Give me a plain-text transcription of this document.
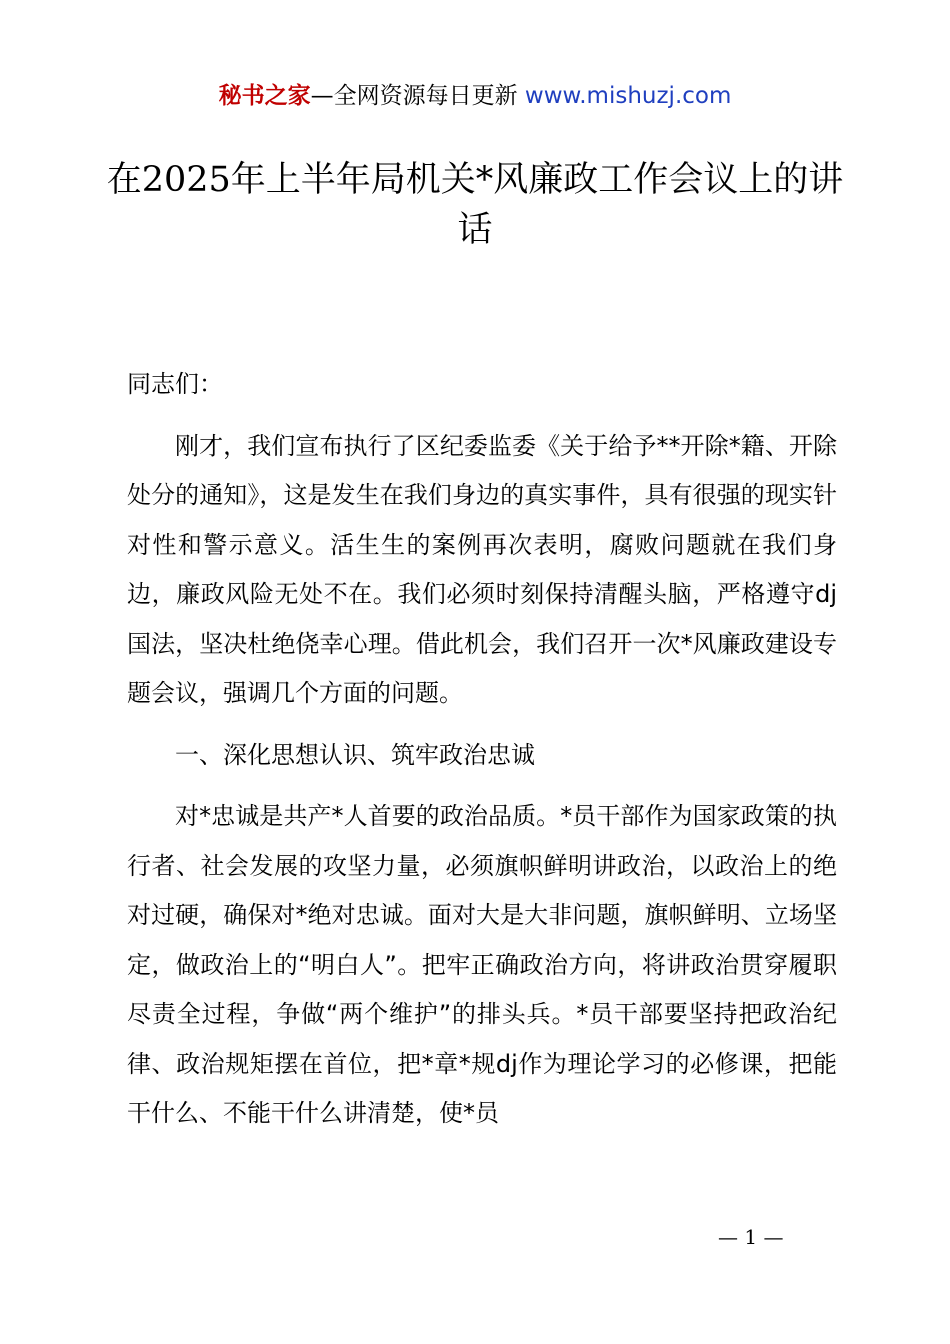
秘书之家—全网资源每日更新 www.mishuzj.com
在2025年上半年局机关*风廉政工作会议上的讲话

同志们：

刚才，我们宣布执行了区纪委监委《关于给予**开除*籍、开除处分的通知》，这是发生在我们身边的真实事件，具有很强的现实针对性和警示意义。活生生的案例再次表明，腐败问题就在我们身边，廉政风险无处不在。我们必须时刻保持清醒头脑，严格遵守dj国法，坚决杜绝侥幸心理。借此机会，我们召开一次*风廉政建设专题会议，强调几个方面的问题。

一、深化思想认识、筑牢政治忠诚

对*忠诚是共产*人首要的政治品质。*员干部作为国家政策的执行者、社会发展的攻坚力量，必须旗帜鲜明讲政治，以政治上的绝对过硬，确保对*绝对忠诚。面对大是大非问题，旗帜鲜明、立场坚定，做政治上的“明白人”。把牢正确政治方向，将讲政治贯穿履职尽责全过程，争做“两个维护”的排头兵。*员干部要坚持把政治纪律、政治规矩摆在首位，把*章*规dj作为理论学习的必修课，把能干什么、不能干什么讲清楚，使*员

— 1 —
